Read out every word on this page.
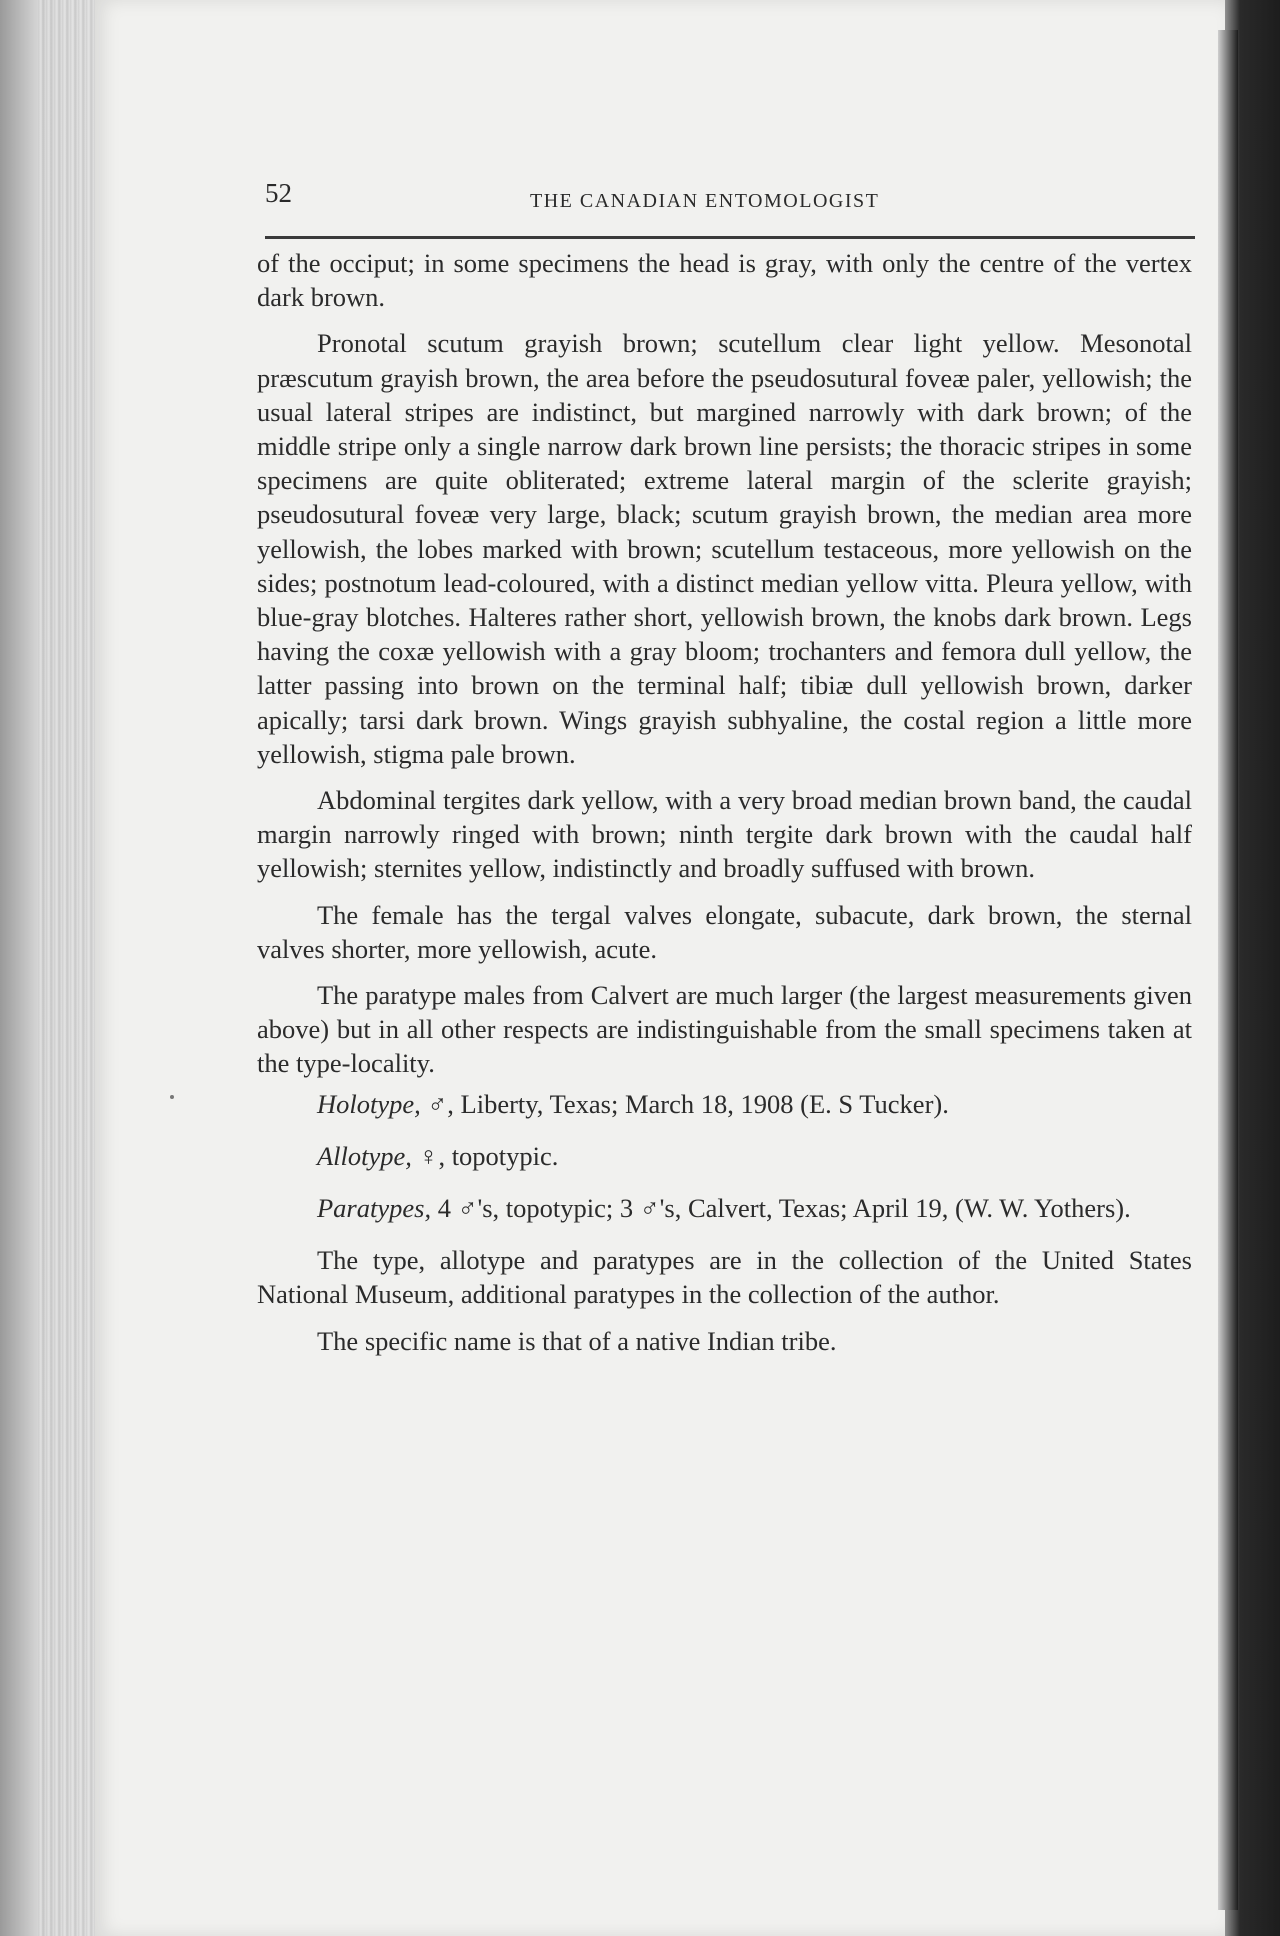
52	THE CANADIAN ENTOMOLOGIST

of the occiput; in some specimens the head is gray, with only the centre of the vertex dark brown.

Pronotal scutum grayish brown; scutellum clear light yellow. Mesonotal præscutum grayish brown, the area before the pseudosutural foveæ paler, yellowish; the usual lateral stripes are indistinct, but margined narrowly with dark brown; of the middle stripe only a single narrow dark brown line persists; the thoracic stripes in some specimens are quite obliterated; extreme lateral margin of the sclerite grayish; pseudosutural foveæ very large, black; scutum grayish brown, the median area more yellowish, the lobes marked with brown; scutellum testaceous, more yellowish on the sides; postnotum lead-coloured, with a distinct median yellow vitta. Pleura yellow, with blue-gray blotches. Halteres rather short, yellowish brown, the knobs dark brown. Legs having the coxæ yellowish with a gray bloom; trochanters and femora dull yellow, the latter passing into brown on the terminal half; tibiæ dull yellowish brown, darker apically; tarsi dark brown. Wings grayish subhyaline, the costal region a little more yellowish, stigma pale brown.

Abdominal tergites dark yellow, with a very broad median brown band, the caudal margin narrowly ringed with brown; ninth tergite dark brown with the caudal half yellowish; sternites yellow, indistinctly and broadly suffused with brown.

The female has the tergal valves elongate, subacute, dark brown, the sternal valves shorter, more yellowish, acute.

The paratype males from Calvert are much larger (the largest measurements given above) but in all other respects are indistinguishable from the small specimens taken at the type-locality.

Holotype, ♂, Liberty, Texas; March 18, 1908 (E. S Tucker).

Allotype, ♀, topotypic.

Paratypes, 4 ♂'s, topotypic; 3 ♂'s, Calvert, Texas; April 19, (W. W. Yothers).

The type, allotype and paratypes are in the collection of the United States National Museum, additional paratypes in the collection of the author.

The specific name is that of a native Indian tribe.
